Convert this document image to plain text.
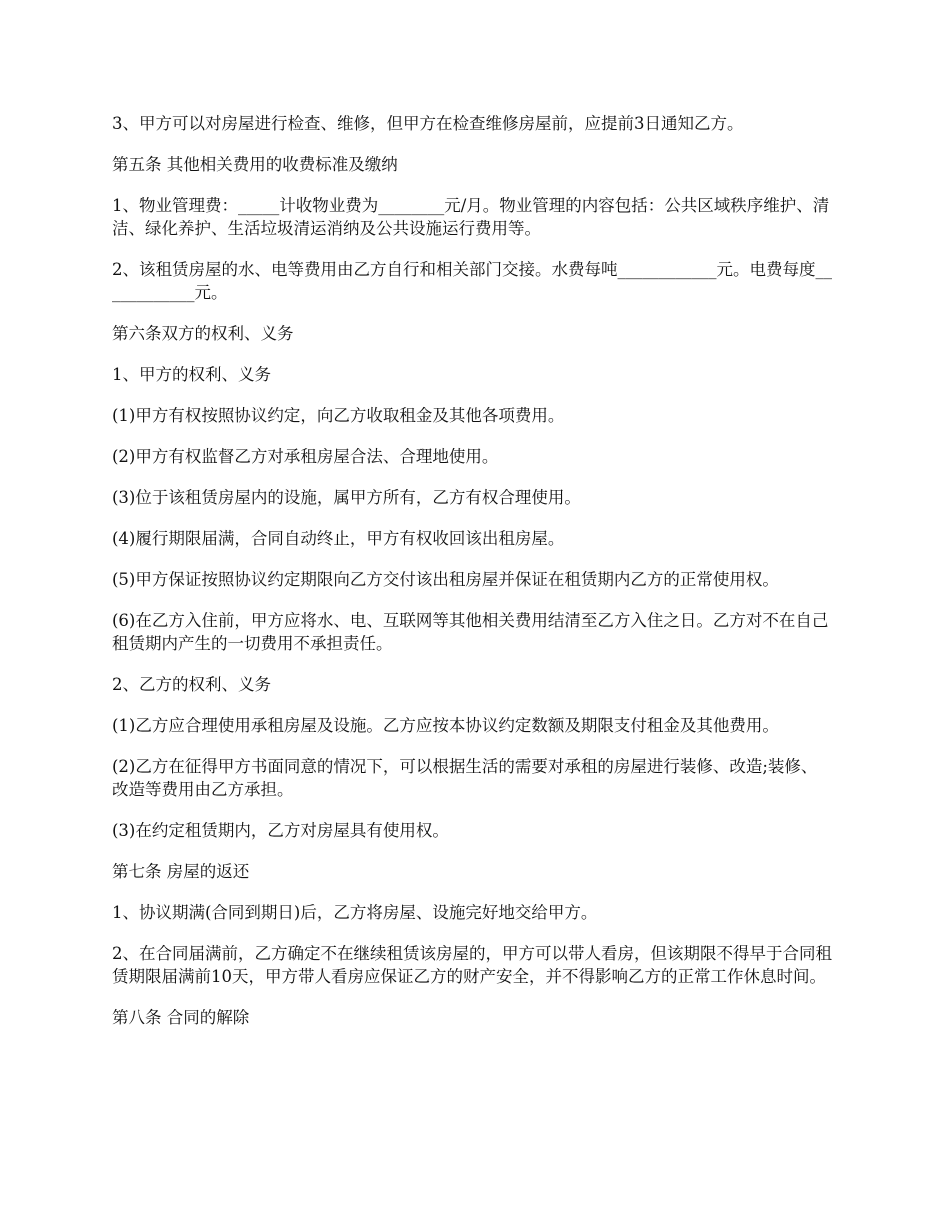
3、甲方可以对房屋进行检查、维修，但甲方在检查维修房屋前，应提前3日通知乙方。

第五条 其他相关费用的收费标准及缴纳

1、物业管理费：_____计收物业费为________元/月。物业管理的内容包括：公共区域秩序维护、清洁、绿化养护、生活垃圾清运消纳及公共设施运行费用等。

2、该租赁房屋的水、电等费用由乙方自行和相关部门交接。水费每吨____________元。电费每度____________元。

第六条双方的权利、义务

1、甲方的权利、义务

(1)甲方有权按照协议约定，向乙方收取租金及其他各项费用。

(2)甲方有权监督乙方对承租房屋合法、合理地使用。

(3)位于该租赁房屋内的设施，属甲方所有，乙方有权合理使用。

(4)履行期限届满，合同自动终止，甲方有权收回该出租房屋。

(5)甲方保证按照协议约定期限向乙方交付该出租房屋并保证在租赁期内乙方的正常使用权。

(6)在乙方入住前，甲方应将水、电、互联网等其他相关费用结清至乙方入住之日。乙方对不在自己租赁期内产生的一切费用不承担责任。

2、乙方的权利、义务

(1)乙方应合理使用承租房屋及设施。乙方应按本协议约定数额及期限支付租金及其他费用。

(2)乙方在征得甲方书面同意的情况下，可以根据生活的需要对承租的房屋进行装修、改造;装修、改造等费用由乙方承担。

(3)在约定租赁期内，乙方对房屋具有使用权。

第七条 房屋的返还

1、协议期满(合同到期日)后，乙方将房屋、设施完好地交给甲方。

2、在合同届满前，乙方确定不在继续租赁该房屋的，甲方可以带人看房，但该期限不得早于合同租赁期限届满前10天，甲方带人看房应保证乙方的财产安全，并不得影响乙方的正常工作休息时间。

第八条 合同的解除
